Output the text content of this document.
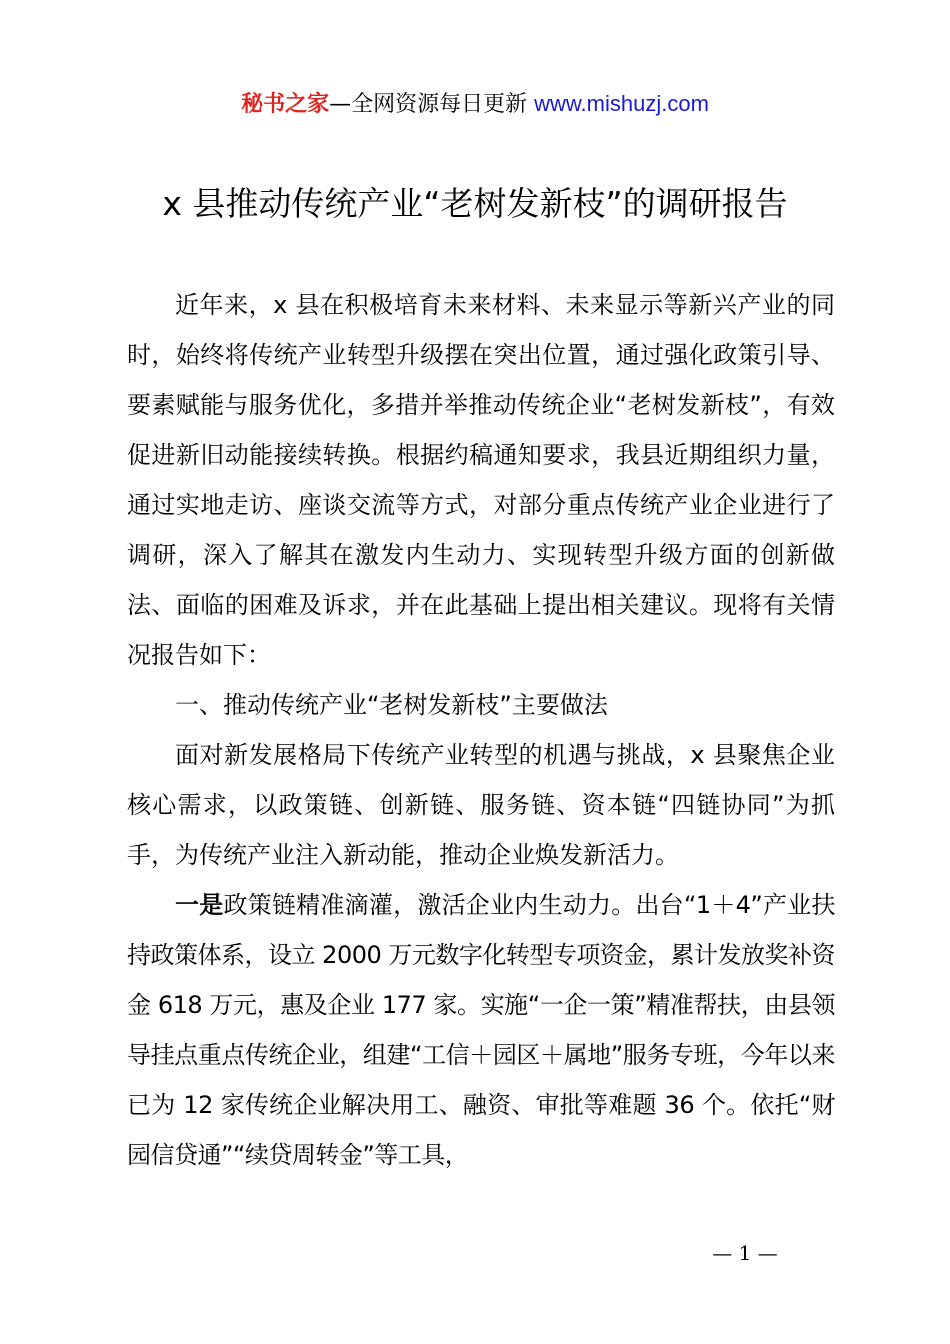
秘书之家—全网资源每日更新 www.mishuzj.com
x 县推动传统产业“老树发新枝”的调研报告

近年来，x 县在积极培育未来材料、未来显示等新兴产业的同时，始终将传统产业转型升级摆在突出位置，通过强化政策引导、要素赋能与服务优化，多措并举推动传统企业“老树发新枝”，有效促进新旧动能接续转换。根据约稿通知要求，我县近期组织力量，通过实地走访、座谈交流等方式，对部分重点传统产业企业进行了调研，深入了解其在激发内生动力、实现转型升级方面的创新做法、面临的困难及诉求，并在此基础上提出相关建议。现将有关情况报告如下：

一、推动传统产业“老树发新枝”主要做法

面对新发展格局下传统产业转型的机遇与挑战，x 县聚焦企业核心需求，以政策链、创新链、服务链、资本链“四链协同”为抓手，为传统产业注入新动能，推动企业焕发新活力。

一是政策链精准滴灌，激活企业内生动力。出台“1＋4”产业扶持政策体系，设立 2000 万元数字化转型专项资金，累计发放奖补资金 618 万元，惠及企业 177 家。实施“一企一策”精准帮扶，由县领导挂点重点传统企业，组建“工信＋园区＋属地”服务专班，今年以来已为 12 家传统企业解决用工、融资、审批等难题 36 个。依托“财园信贷通”“续贷周转金”等工具，

— 1 —
